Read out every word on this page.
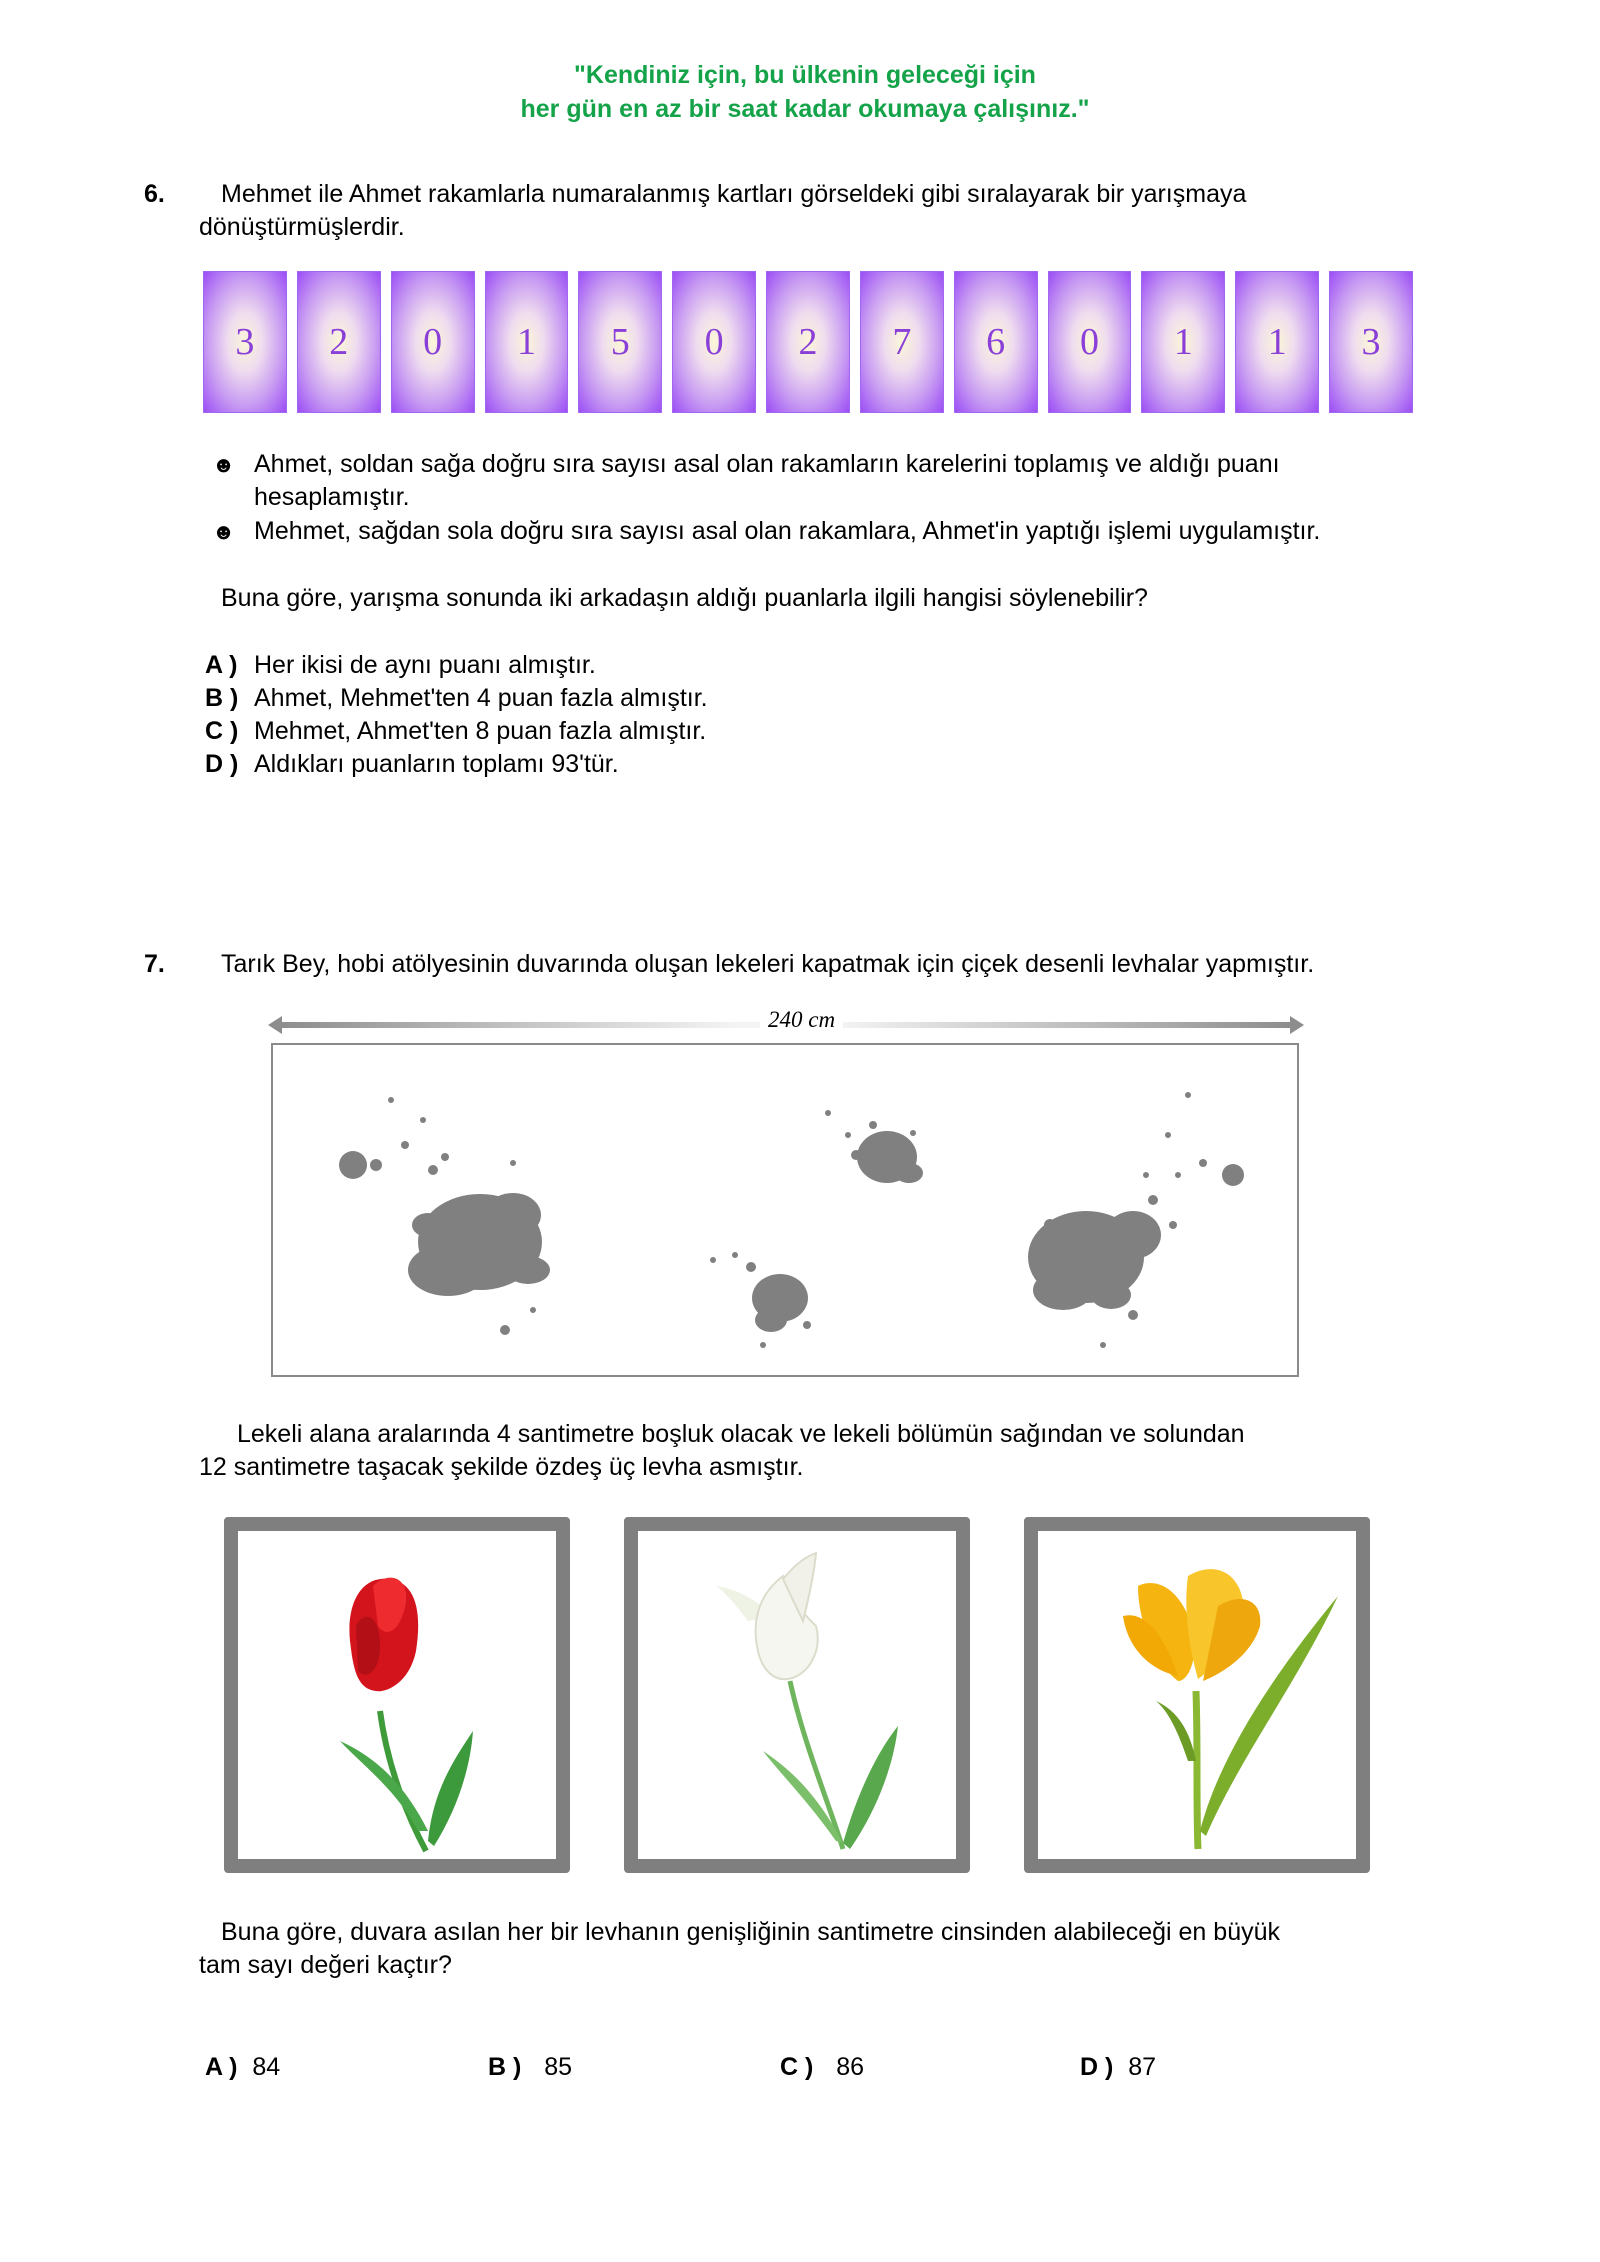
"Kendiniz için, bu ülkenin geleceği için
her gün en az bir saat kadar okumaya çalışınız."
6. Mehmet ile Ahmet rakamlarla numaralanmış kartları görseldeki gibi sıralayarak bir yarışmaya
dönüştürmüşlerdir.
3	2	0	1	5	0	2	7	6	0	1	1	3
☻ Ahmet, soldan sağa doğru sıra sayısı asal olan rakamların karelerini toplamış ve aldığı puanı
hesaplamıştır.
☻ Mehmet, sağdan sola doğru sıra sayısı asal olan rakamlara, Ahmet'in yaptığı işlemi uygulamıştır.
Buna göre, yarışma sonunda iki arkadaşın aldığı puanlarla ilgili hangisi söylenebilir?
A ) Her ikisi de aynı puanı almıştır.
B ) Ahmet, Mehmet'ten 4 puan fazla almıştır.
C ) Mehmet, Ahmet'ten 8 puan fazla almıştır.
D ) Aldıkları puanların toplamı 93'tür.
7. Tarık Bey, hobi atölyesinin duvarında oluşan lekeleri kapatmak için çiçek desenli levhalar yapmıştır.
240 cm
Lekeli alana aralarında 4 santimetre boşluk olacak ve lekeli bölümün sağından ve solundan
12 santimetre taşacak şekilde özdeş üç levha asmıştır.
Buna göre, duvara asılan her bir levhanın genişliğinin santimetre cinsinden alabileceği en büyük
tam sayı değeri kaçtır?
A ) 84	B ) 85	C ) 86	D ) 87
